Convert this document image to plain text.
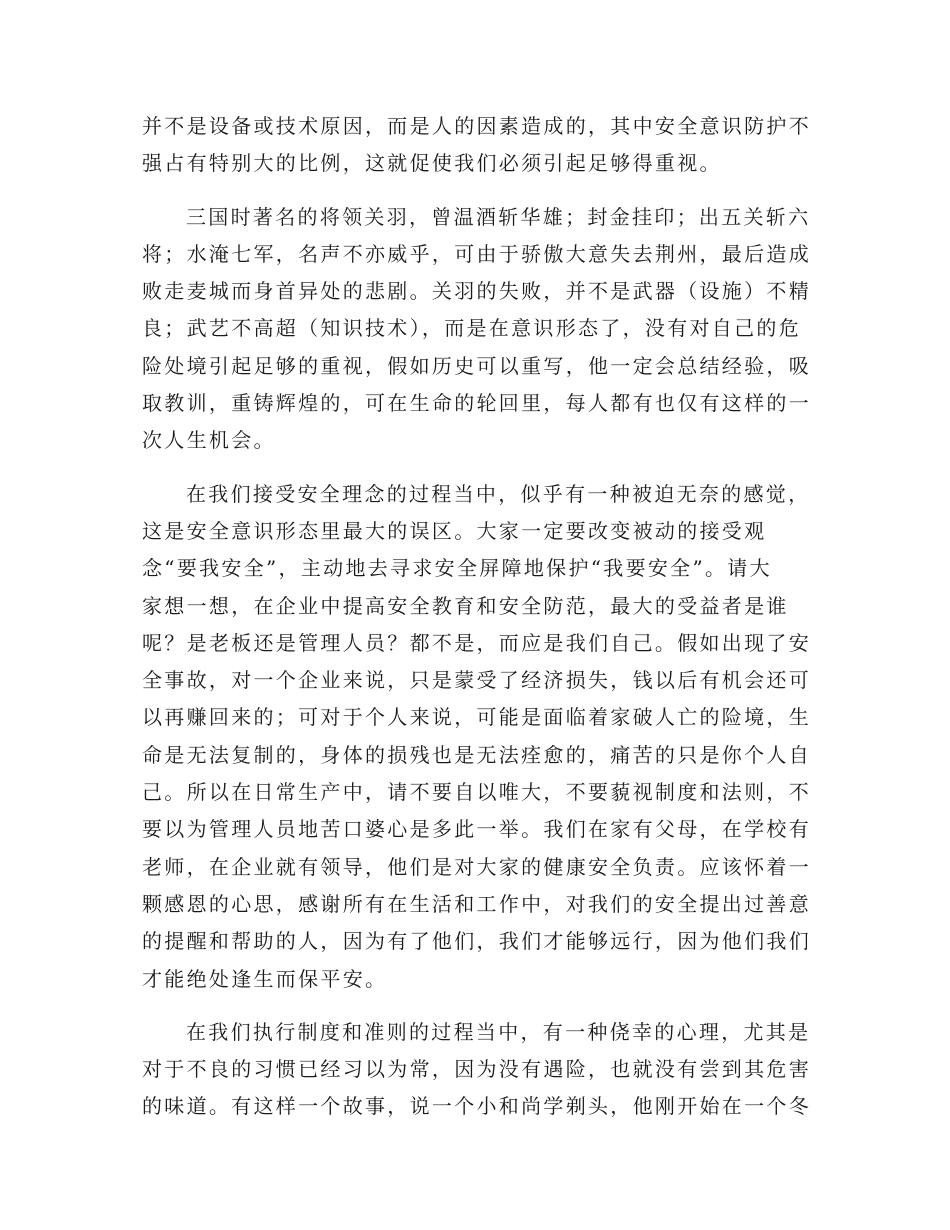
并不是设备或技术原因，而是人的因素造成的，其中安全意识防护不
强占有特别大的比例，这就促使我们必须引起足够得重视。
三国时著名的将领关羽，曾温酒斩华雄；封金挂印；出五关斩六
将；水淹七军，名声不亦威乎，可由于骄傲大意失去荆州，最后造成
败走麦城而身首异处的悲剧。关羽的失败，并不是武器（设施）不精
良；武艺不高超（知识技术），而是在意识形态了，没有对自己的危
险处境引起足够的重视，假如历史可以重写，他一定会总结经验，吸
取教训，重铸辉煌的，可在生命的轮回里，每人都有也仅有这样的一
次人生机会。
在我们接受安全理念的过程当中，似乎有一种被迫无奈的感觉，
这是安全意识形态里最大的误区。大家一定要改变被动的接受观
念“要我安全”，主动地去寻求安全屏障地保护“我要安全”。请大
家想一想，在企业中提高安全教育和安全防范，最大的受益者是谁
呢？是老板还是管理人员？都不是，而应是我们自己。假如出现了安
全事故，对一个企业来说，只是蒙受了经济损失，钱以后有机会还可
以再赚回来的；可对于个人来说，可能是面临着家破人亡的险境，生
命是无法复制的，身体的损残也是无法痊愈的，痛苦的只是你个人自
己。所以在日常生产中，请不要自以唯大，不要藐视制度和法则，不
要以为管理人员地苦口婆心是多此一举。我们在家有父母，在学校有
老师，在企业就有领导，他们是对大家的健康安全负责。应该怀着一
颗感恩的心思，感谢所有在生活和工作中，对我们的安全提出过善意
的提醒和帮助的人，因为有了他们，我们才能够远行，因为他们我们
才能绝处逢生而保平安。
在我们执行制度和准则的过程当中，有一种侥幸的心理，尤其是
对于不良的习惯已经习以为常，因为没有遇险，也就没有尝到其危害
的味道。有这样一个故事，说一个小和尚学剃头，他刚开始在一个冬
